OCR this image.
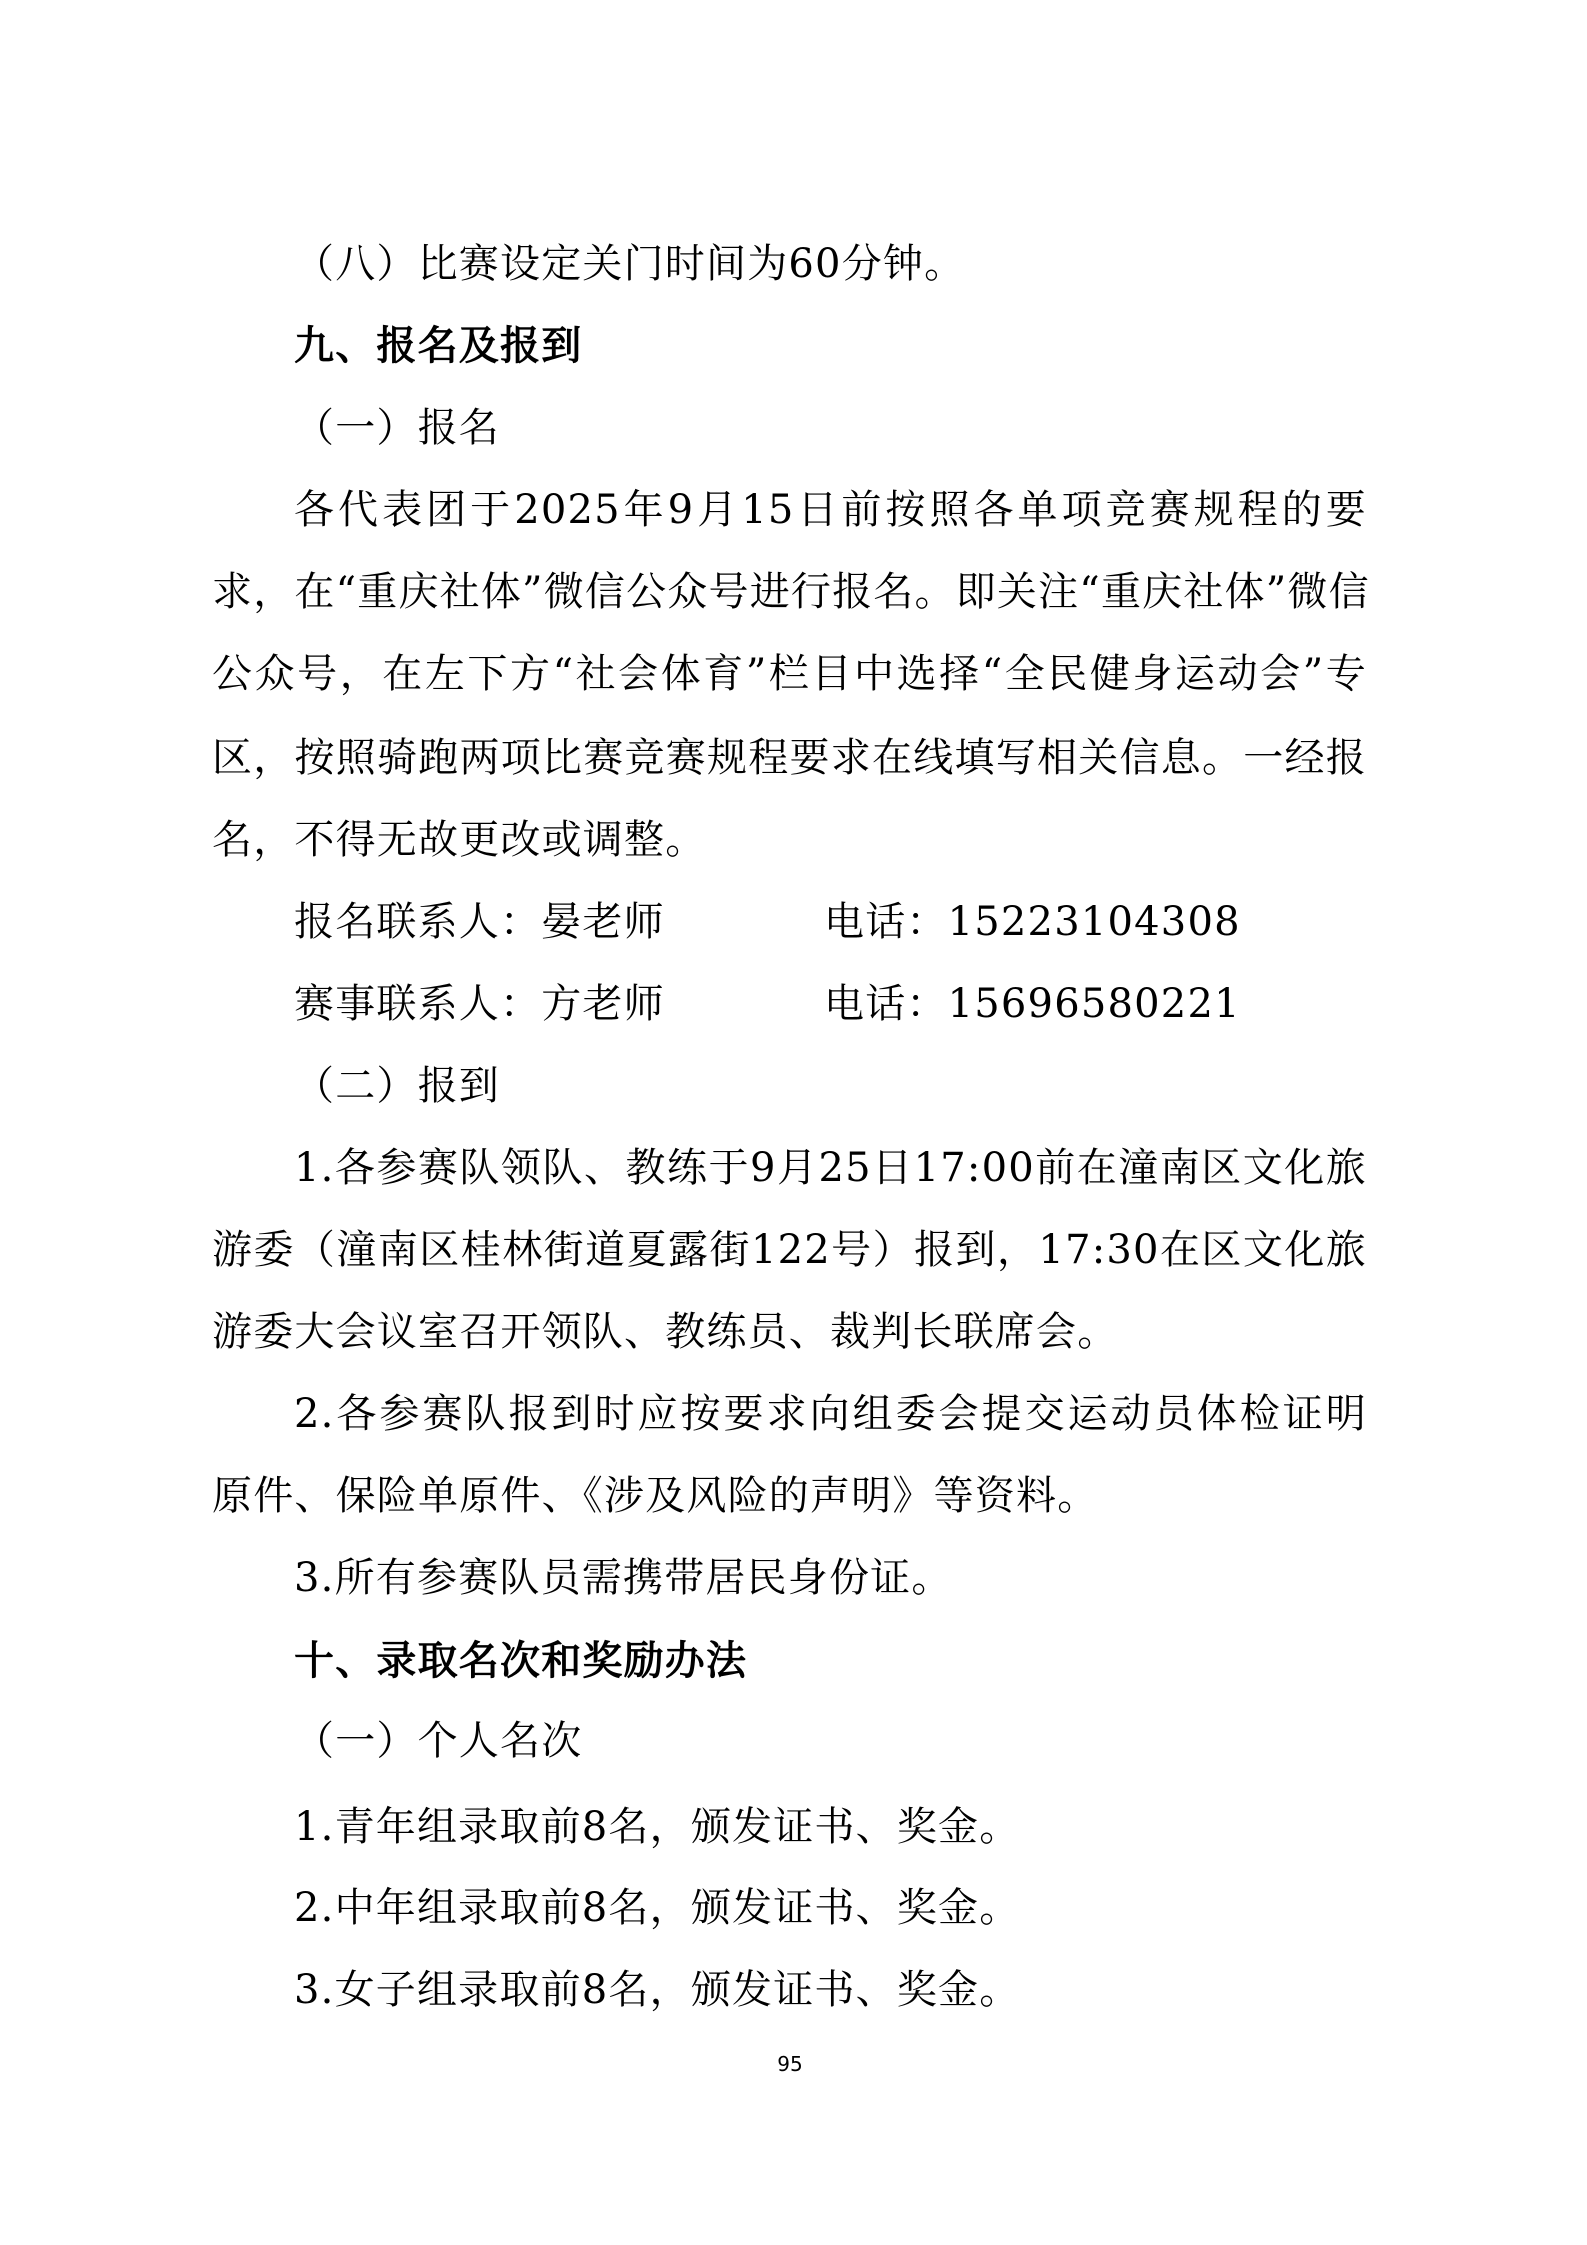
（八）比赛设定关门时间为60分钟。
九、报名及报到
（一）报名
各代表团于2025年9月15日前按照各单项竞赛规程的要
求，在“重庆社体”微信公众号进行报名。即关注“重庆社体”微信
公众号，在左下方“社会体育”栏目中选择“全民健身运动会”专
区，按照骑跑两项比赛竞赛规程要求在线填写相关信息。一经报
名，不得无故更改或调整。
报名联系人：晏老师	电话：15223104308
赛事联系人：方老师	电话：15696580221
（二）报到
1.各参赛队领队、教练于9月25日17:00前在潼南区文化旅
游委（潼南区桂林街道夏露街122号）报到，17:30在区文化旅
游委大会议室召开领队、教练员、裁判长联席会。
2.各参赛队报到时应按要求向组委会提交运动员体检证明
原件、保险单原件、《涉及风险的声明》等资料。
3.所有参赛队员需携带居民身份证。
十、录取名次和奖励办法
（一）个人名次
1.青年组录取前8名，颁发证书、奖金。
2.中年组录取前8名，颁发证书、奖金。
3.女子组录取前8名，颁发证书、奖金。
95
